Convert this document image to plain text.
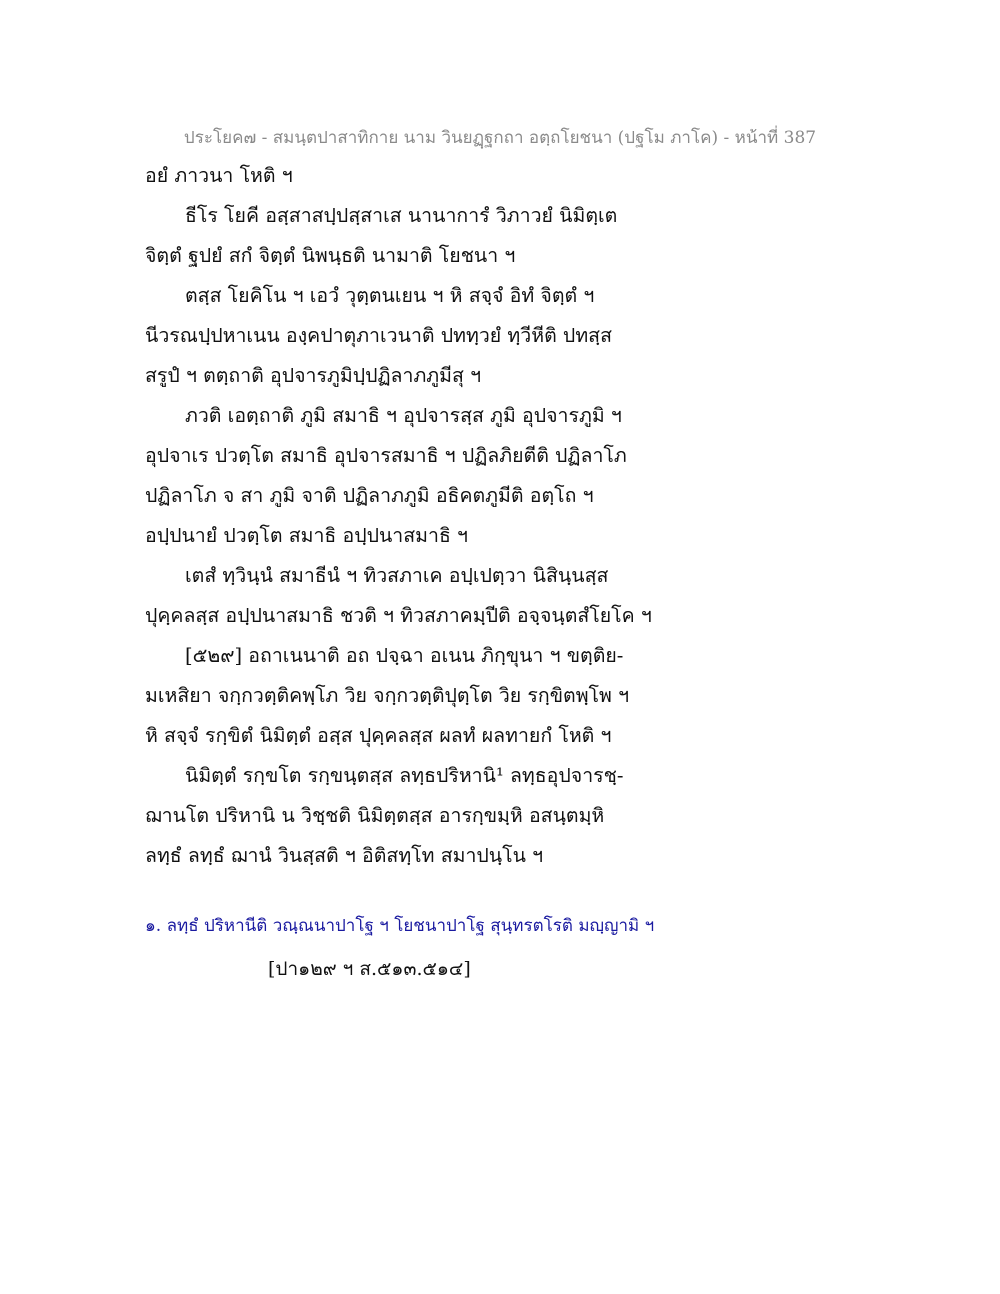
ประโยค๗ - สมนฺตปาสาทิกาย นาม วินยฏฺฐกถา อตฺถโยชนา (ปฐโม ภาโค) - หน้าที่ 387
อยํ ภาวนา โหติ ฯ
ธีโร โยคี อสฺสาสปฺปสฺสาเส นานาการํ วิภาวยํ นิมิตฺเต
จิตฺตํ ฐปยํ สกํ จิตฺตํ นิพนฺธติ นามาติ โยชนา ฯ
ตสฺส โยคิโน ฯ เอวํ วุตฺตนเยน ฯ หิ สจฺจํ อิทํ จิตฺตํ ฯ
นีวรณปฺปหาเนน องฺคปาตุภาเวนาติ ปททฺวยํ ทฺวีหีติ ปทสฺส
สรูปํ ฯ ตตฺถาติ อุปจารภูมิปฺปฏิลาภภูมีสุ ฯ
ภวติ เอตฺถาติ ภูมิ สมาธิ ฯ อุปจารสฺส ภูมิ อุปจารภูมิ ฯ
อุปจาเร ปวตฺโต สมาธิ อุปจารสมาธิ ฯ ปฏิลภิยตีติ ปฏิลาโภ
ปฏิลาโภ จ สา ภูมิ จาติ ปฏิลาภภูมิ อธิคตภูมีติ อตฺโถ ฯ
อปฺปนายํ ปวตฺโต สมาธิ อปฺปนาสมาธิ ฯ
เตสํ ทฺวินฺนํ สมาธีนํ ฯ ทิวสภาเค อปฺเปตฺวา นิสินฺนสฺส
ปุคฺคลสฺส อปฺปนาสมาธิ ชวติ ฯ ทิวสภาคมฺปีติ อจฺจนฺตสํโยโค ฯ
[๕๒๙] อถาเนนาติ อถ ปจฺฉา อเนน ภิกฺขุนา ฯ ขตฺติย-
มเหสิยา จกฺกวตฺติคพฺโภ วิย จกฺกวตฺติปุตฺโต วิย รกฺขิตพฺโพ ฯ
หิ สจฺจํ รกฺขิตํ นิมิตฺตํ อสฺส ปุคฺคลสฺส ผลทํ ผลทายกํ โหติ ฯ
นิมิตฺตํ รกฺขโต รกฺขนฺตสฺส ลทฺธปริหานิ¹ ลทฺธอุปจารชฺ-
ฌานโต ปริหานิ น วิชฺชติ นิมิตฺตสฺส อารกฺขมฺหิ อสนฺตมฺหิ
ลทฺธํ ลทฺธํ ฌานํ วินสฺสติ ฯ อิติสทฺโท สมาปนฺโน ฯ
๑. ลทฺธํ ปริหานีติ วณฺณนาปาโฐ ฯ โยชนาปาโฐ สุนฺทรตโรติ มญฺญามิ ฯ
[ปา๑๒๙ ฯ ส.๕๑๓.๕๑๔]
